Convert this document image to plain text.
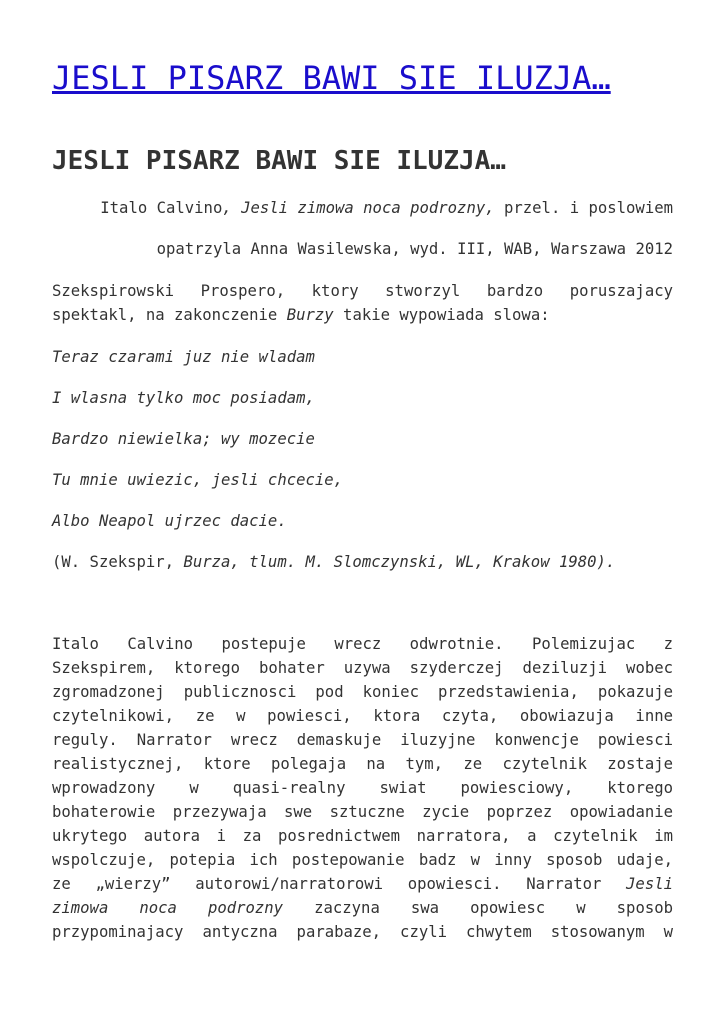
JESLI PISARZ BAWI SIE ILUZJA…
JESLI PISARZ BAWI SIE ILUZJA…

Italo Calvino, Jesli zimowa noca podrozny, przel. i poslowiem

opatrzyla Anna Wasilewska, wyd. III, WAB, Warszawa 2012

Szekspirowski Prospero, ktory stworzyl bardzo poruszajacy

spektakl, na zakonczenie Burzy takie wypowiada slowa:

Teraz czarami juz nie wladam

I wlasna tylko moc posiadam,

Bardzo niewielka; wy mozecie

Tu mnie uwiezic, jesli chcecie,

Albo Neapol ujrzec dacie.

(W. Szekspir, Burza, tlum. M. Slomczynski, WL, Krakow 1980).

Italo Calvino postepuje wrecz odwrotnie. Polemizujac z

Szekspirem, ktorego bohater uzywa szyderczej deziluzji wobec

zgromadzonej publicznosci pod koniec przedstawienia, pokazuje

czytelnikowi, ze w powiesci, ktora czyta, obowiazuja inne

reguly. Narrator wrecz demaskuje iluzyjne konwencje powiesci

realistycznej, ktore polegaja na tym, ze czytelnik zostaje

wprowadzony w quasi-realny swiat powiesciowy, ktorego

bohaterowie przezywaja swe sztuczne zycie poprzez opowiadanie

ukrytego autora i za posrednictwem narratora, a czytelnik im

wspolczuje, potepia ich postepowanie badz w inny sposob udaje,

ze „wierzy” autorowi/narratorowi opowiesci. Narrator Jesli

zimowa noca podrozny zaczyna swa opowiesc w sposob

przypominajacy antyczna parabaze, czyli chwytem stosowanym w
